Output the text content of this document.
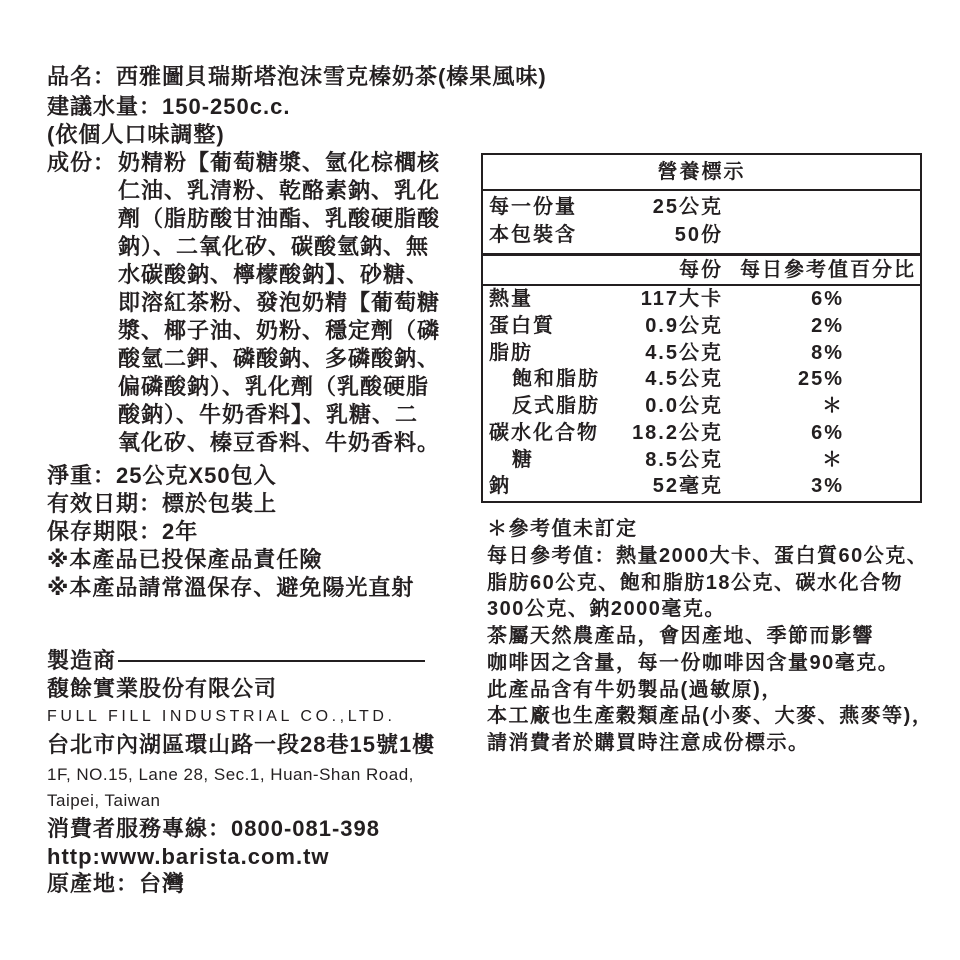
品名：西雅圖貝瑞斯塔泡沫雪克榛奶茶(榛果風味)
建議水量：150-250c.c.
(依個人口味調整)
成份： 奶精粉【葡萄糖漿、氫化棕櫚核
仁油、乳清粉、乾酪素鈉、乳化
劑（脂肪酸甘油酯、乳酸硬脂酸
鈉）、二氧化矽、碳酸氫鈉、無
水碳酸鈉、檸檬酸鈉】、砂糖、
即溶紅茶粉、發泡奶精【葡萄糖
漿、椰子油、奶粉、穩定劑（磷
酸氫二鉀、磷酸鈉、多磷酸鈉、
偏磷酸鈉）、乳化劑（乳酸硬脂
酸鈉）、牛奶香料】、乳糖、二
氧化矽、榛豆香料、牛奶香料。
淨重：25公克X50包入
有效日期：標於包裝上
保存期限：2年
※本產品已投保產品責任險
※本產品請常溫保存、避免陽光直射
製造商
馥餘實業股份有限公司
FULL FILL INDUSTRIAL CO.,LTD.
台北市內湖區環山路一段28巷15號1樓
1F, NO.15, Lane 28, Sec.1, Huan-Shan Road,
Taipei, Taiwan
消費者服務專線：0800-081-398
http:www.barista.com.tw
原產地：台灣
營養標示
每一份量	25公克
本包裝含	50份
每份 每日參考值百分比
熱量	117大卡	6%
蛋白質	0.9公克	2%
脂肪	4.5公克	8%
飽和脂肪 4.5公克	25%
反式脂肪 0.0公克	＊
碳水化合物 18.2公克	6%
糖	8.5公克	＊
鈉	52毫克	3%
＊參考值未訂定
每日參考值：熱量2000大卡、蛋白質60公克、
脂肪60公克、飽和脂肪18公克、碳水化合物
300公克、鈉2000毫克。
茶屬天然農產品，會因產地、季節而影響
咖啡因之含量，每一份咖啡因含量90毫克。
此產品含有牛奶製品(過敏原)，
本工廠也生產穀類產品(小麥、大麥、燕麥等)，
請消費者於購買時注意成份標示。
